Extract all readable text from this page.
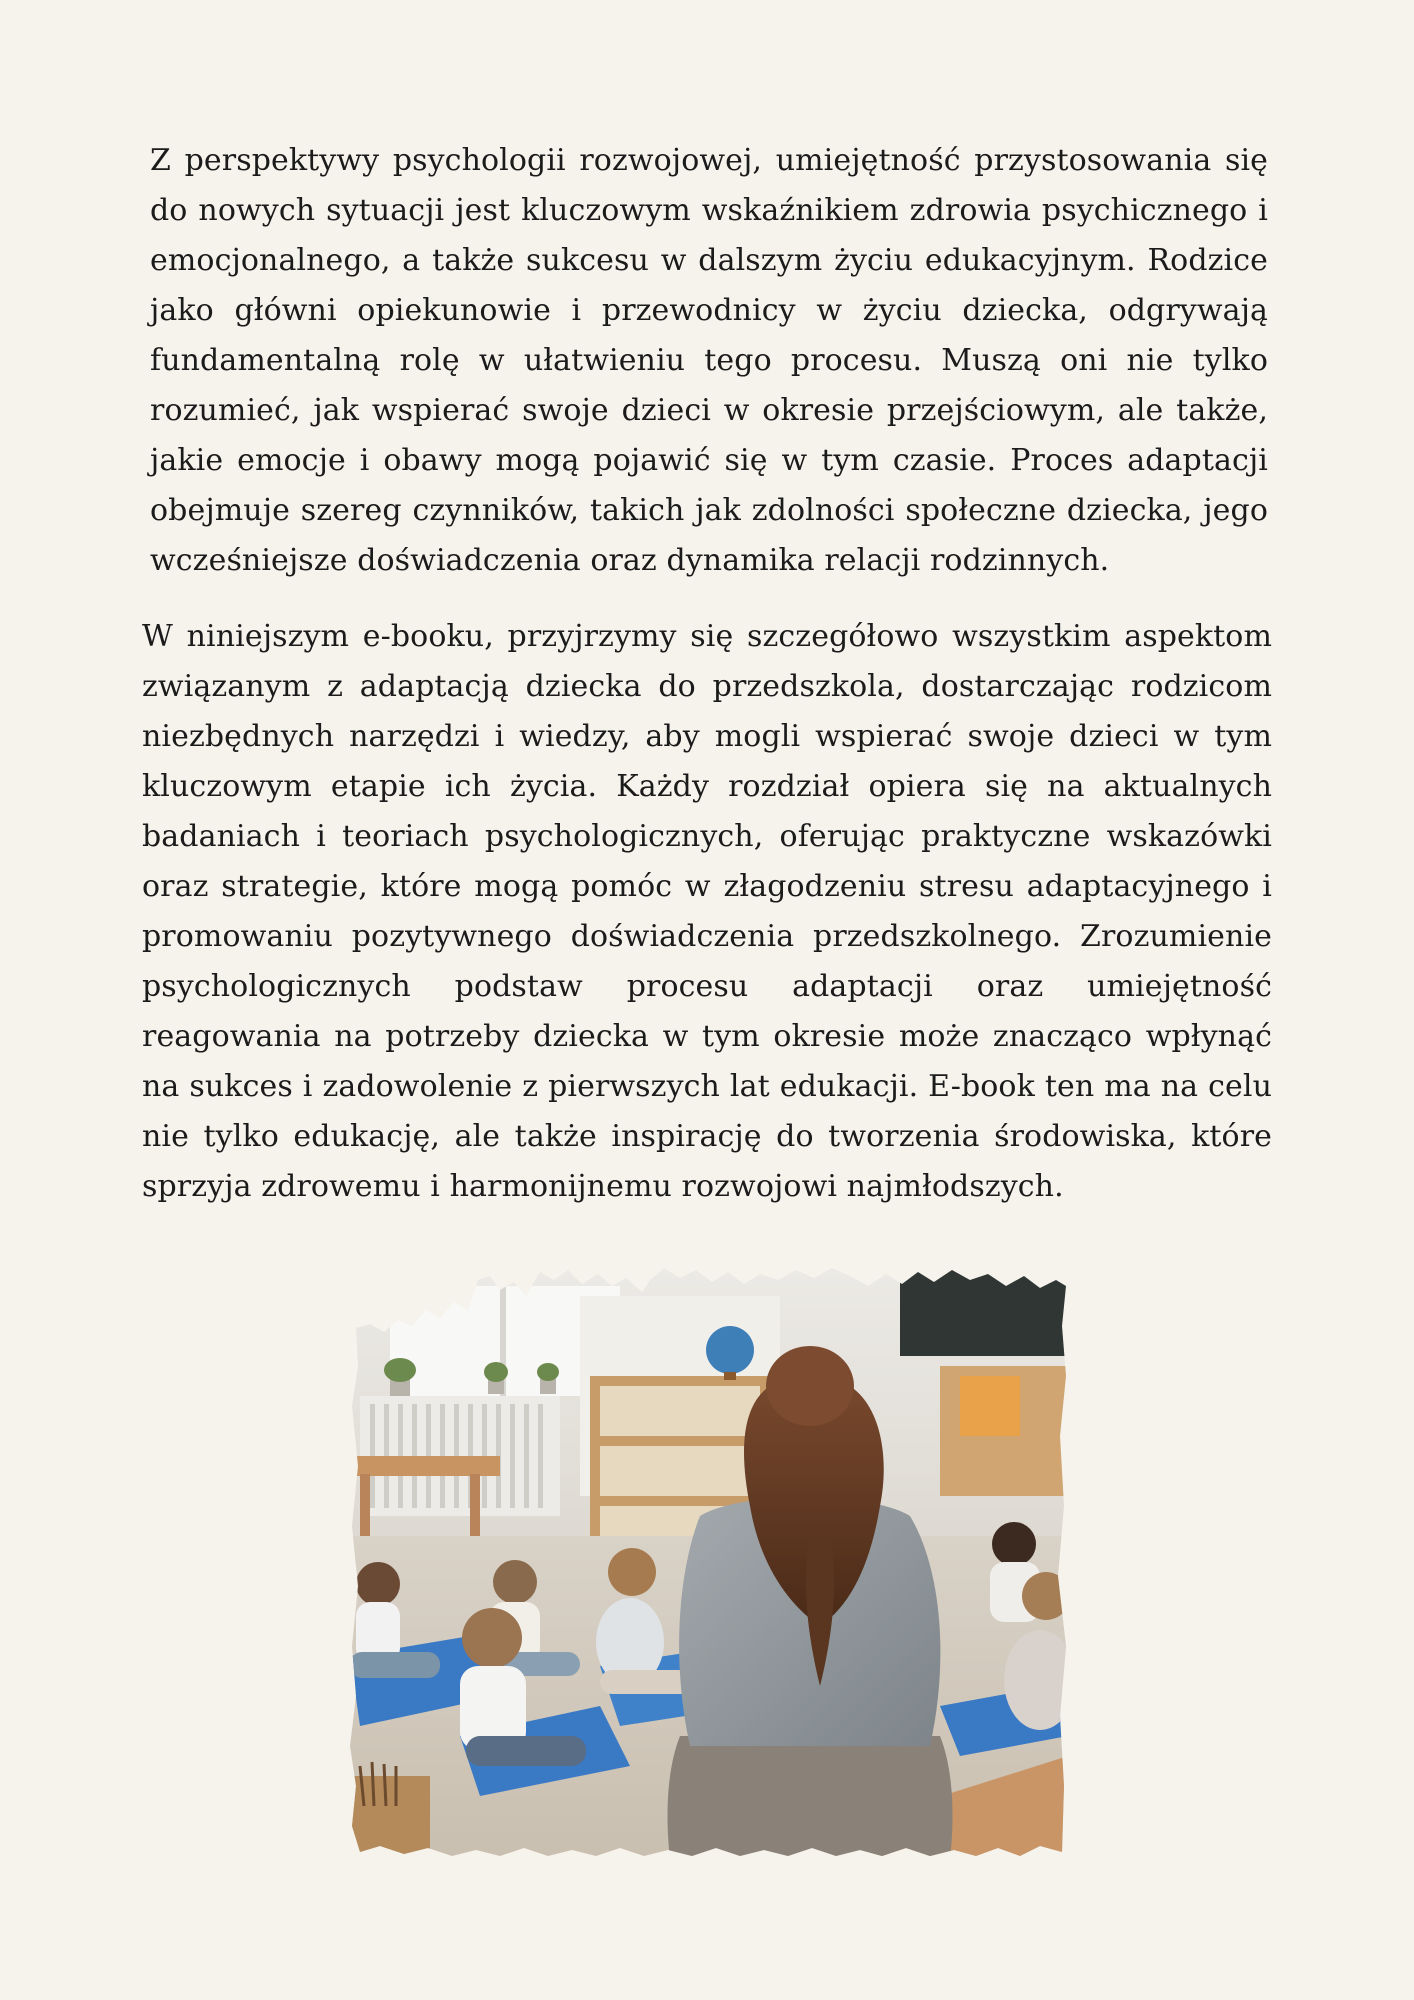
Z perspektywy psychologii rozwojowej, umiejętność przystosowania się do nowych sytuacji jest kluczowym wskaźnikiem zdrowia psychicznego i emocjonalnego, a także sukcesu w dalszym życiu edukacyjnym. Rodzice jako główni opiekunowie i przewodnicy w życiu dziecka, odgrywają fundamentalną rolę w ułatwieniu tego procesu. Muszą oni nie tylko rozumieć, jak wspierać swoje dzieci w okresie przejściowym, ale także, jakie emocje i obawy mogą pojawić się w tym czasie. Proces adaptacji obejmuje szereg czynników, takich jak zdolności społeczne dziecka, jego wcześniejsze doświadczenia oraz dynamika relacji rodzinnych.

W niniejszym e-booku, przyjrzymy się szczegółowo wszystkim aspektom związanym z adaptacją dziecka do przedszkola, dostarczając rodzicom niezbędnych narzędzi i wiedzy, aby mogli wspierać swoje dzieci w tym kluczowym etapie ich życia. Każdy rozdział opiera się na aktualnych badaniach i teoriach psychologicznych, oferując praktyczne wskazówki oraz strategie, które mogą pomóc w złagodzeniu stresu adaptacyjnego i promowaniu pozytywnego doświadczenia przedszkolnego. Zrozumienie psychologicznych podstaw procesu adaptacji oraz umiejętność reagowania na potrzeby dziecka w tym okresie może znacząco wpłynąć na sukces i zadowolenie z pierwszych lat edukacji. E-book ten ma na celu nie tylko edukację, ale także inspirację do tworzenia środowiska, które sprzyja zdrowemu i harmonijnemu rozwojowi najmłodszych.
